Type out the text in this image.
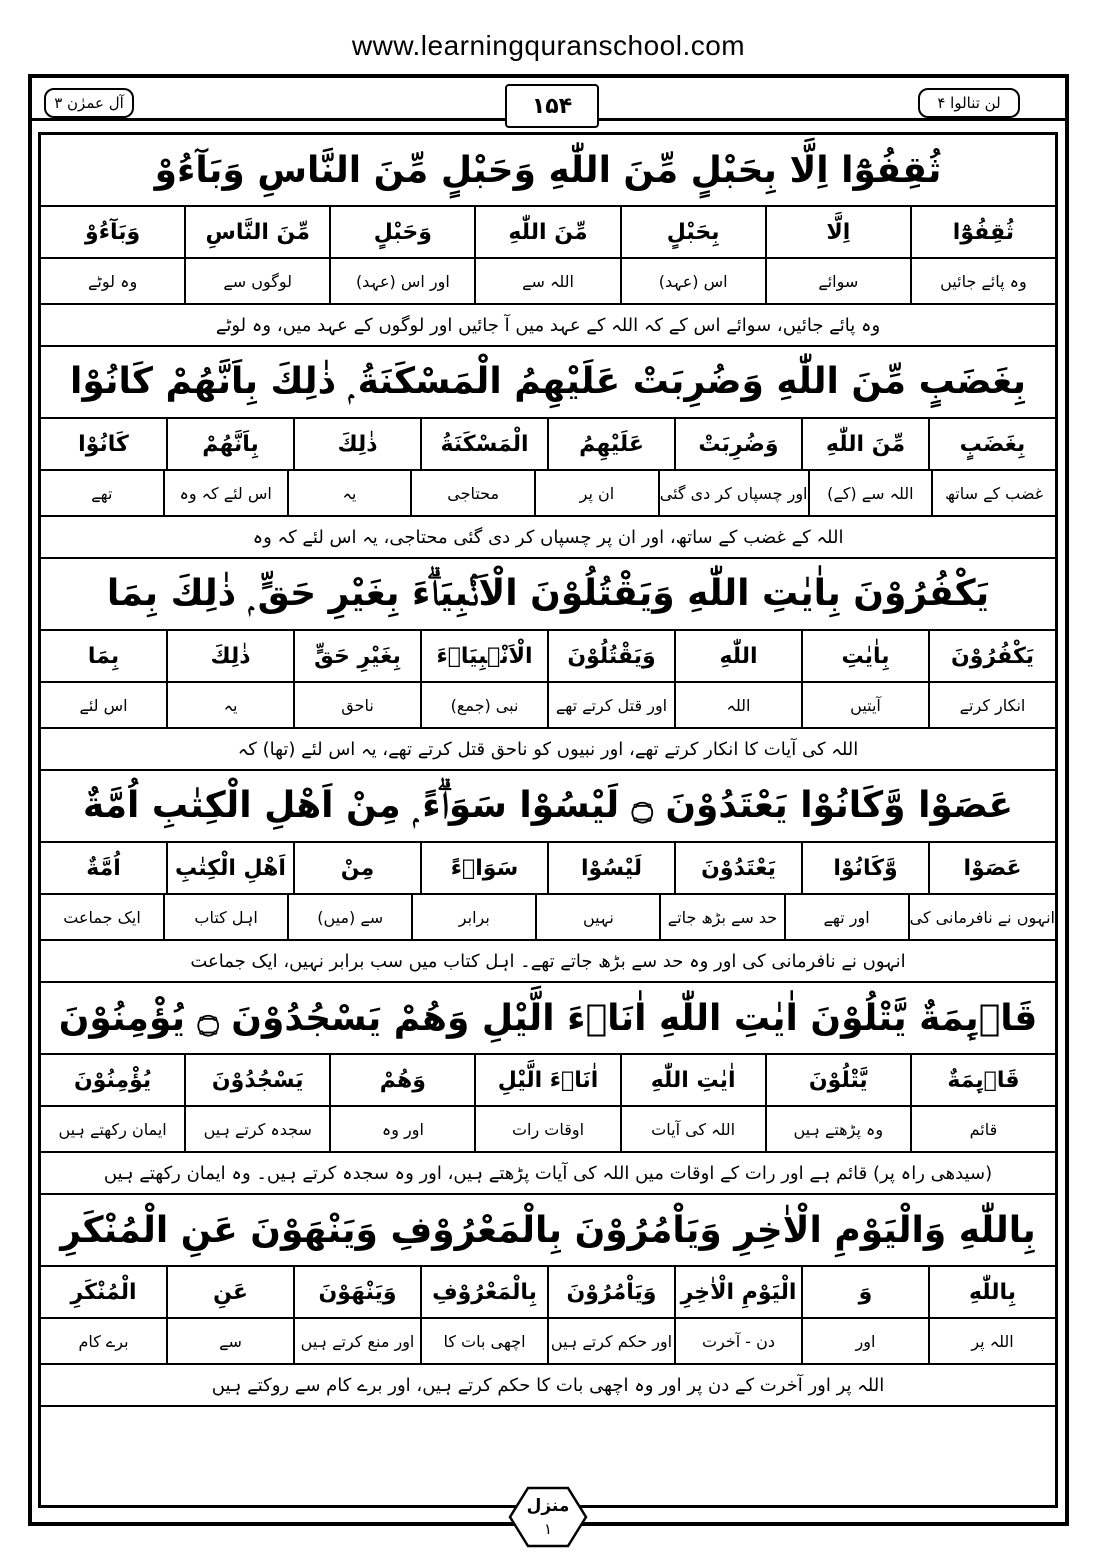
www.learningquranschool.com
لن تنالوا ۴
آل عمرٰن ۳	۱۵۴
ثُقِفُوْٓا اِلَّا بِحَبْلٍ مِّنَ اللّٰهِ وَحَبْلٍ مِّنَ النَّاسِ وَبَآءُوْ
ثُقِفُوْٓا
اِلَّا
بِحَبْلٍ
مِّنَ اللّٰهِ
وَحَبْلٍ
مِّنَ النَّاسِ
وَبَآءُوْ
وہ پائے جائیں
سوائے
اس (عہد)
اللہ سے
اور اس (عہد)
لوگوں سے
وہ لوٹے
وہ پائے جائیں، سوائے اس کے کہ اللہ کے عہد میں آ جائیں اور لوگوں کے عہد میں، وہ لوٹے
بِغَضَبٍ مِّنَ اللّٰهِ وَضُرِبَتْ عَلَيْهِمُ الْمَسْكَنَةُ ۭ ذٰلِكَ بِاَنَّھُمْ كَانُوْا
بِغَضَبٍ
مِّنَ اللّٰهِ
وَضُرِبَتْ
عَلَيْهِمُ
الْمَسْكَنَةُ
ذٰلِكَ
بِاَنَّھُمْ
كَانُوْا
غضب کے ساتھ
اللہ سے (کے)
اور چسپاں کر دی گئی
ان پر
محتاجی
یہ
اس لئے کہ وہ
تھے
اللہ کے غضب کے ساتھ، اور ان پر چسپاں کر دی گئی محتاجی، یہ اس لئے کہ وہ
يَكْفُرُوْنَ بِاٰيٰتِ اللّٰهِ وَيَقْتُلُوْنَ الْاَنْۢبِيَاۗءَ بِغَيْرِ حَقٍّ ۭ ذٰلِكَ بِمَا
يَكْفُرُوْنَ
بِاٰيٰتِ
اللّٰهِ
وَيَقْتُلُوْنَ
الْاَنْۢبِيَاۗءَ
بِغَيْرِ حَقٍّ
ذٰلِكَ
بِمَا
انکار کرتے
آیتیں
اللہ
اور قتل کرتے تھے
نبی (جمع)
ناحق
یہ
اس لئے
اللہ کی آیات کا انکار کرتے تھے، اور نبیوں کو ناحق قتل کرتے تھے، یہ اس لئے (تھا) کہ
عَصَوْا وَّكَانُوْا يَعْتَدُوْنَ ۝ لَيْسُوْا سَوَاۗءً ۭ مِنْ اَھْلِ الْكِتٰبِ اُمَّةٌ
عَصَوْا
وَّكَانُوْا
يَعْتَدُوْنَ
لَيْسُوْا
سَوَاۗءً
مِنْ
اَھْلِ الْكِتٰبِ
اُمَّةٌ
انہوں نے نافرمانی کی
اور تھے
حد سے بڑھ جاتے
نہیں
برابر
سے (میں)
اہل کتاب
ایک جماعت
انہوں نے نافرمانی کی اور وہ حد سے بڑھ جاتے تھے۔ اہل کتاب میں سب برابر نہیں، ایک جماعت
قَاۗىِٕمَةٌ يَّتْلُوْنَ اٰيٰتِ اللّٰهِ اٰنَاۗءَ الَّيْلِ وَھُمْ يَسْجُدُوْنَ ۝ يُؤْمِنُوْنَ
قَاۗىِٕمَةٌ
يَّتْلُوْنَ
اٰيٰتِ اللّٰهِ
اٰنَاۗءَ الَّيْلِ
وَھُمْ
يَسْجُدُوْنَ
يُؤْمِنُوْنَ
قائم
وہ پڑھتے ہیں
اللہ کی آیات
اوقات رات
اور وہ
سجدہ کرتے ہیں
ایمان رکھتے ہیں
(سیدھی راہ پر) قائم ہے اور رات کے اوقات میں اللہ کی آیات پڑھتے ہیں، اور وہ سجدہ کرتے ہیں۔ وہ ایمان رکھتے ہیں
بِاللّٰهِ وَالْيَوْمِ الْاٰخِرِ وَيَاْمُرُوْنَ بِالْمَعْرُوْفِ وَيَنْهَوْنَ عَنِ الْمُنْكَرِ
بِاللّٰهِ
وَ
الْيَوْمِ الْاٰخِرِ
وَيَاْمُرُوْنَ
بِالْمَعْرُوْفِ
وَيَنْهَوْنَ
عَنِ
الْمُنْكَرِ
اللہ پر
اور
دن - آخرت
اور حکم کرتے ہیں
اچھی بات کا
اور منع کرتے ہیں
سے
برے کام
اللہ پر اور آخرت کے دن پر اور وہ اچھی بات کا حکم کرتے ہیں، اور برے کام سے روکتے ہیں
منزل
۱
